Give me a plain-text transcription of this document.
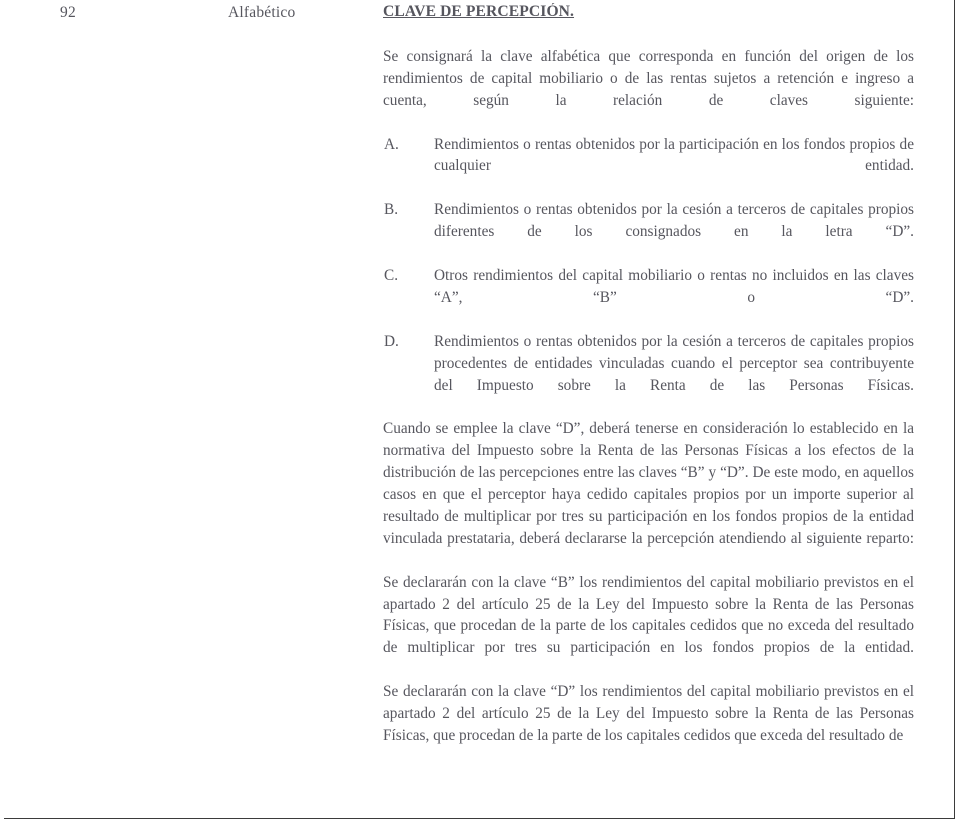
92	Alfabético	CLAVE DE PERCEPCIÓN.
Se consignará la clave alfabética que corresponda en función del origen de los rendimientos de capital mobiliario o de las rentas sujetos a retención e ingreso a cuenta, según la relación de claves siguiente:
A.	Rendimientos o rentas obtenidos por la participación en los fondos propios de cualquier entidad.
B.	Rendimientos o rentas obtenidos por la cesión a terceros de capitales propios diferentes de los consignados en la letra “D”.
C.	Otros rendimientos del capital mobiliario o rentas no incluidos en las claves “A”, “B” o “D”.
D.	Rendimientos o rentas obtenidos por la cesión a terceros de capitales propios procedentes de entidades vinculadas cuando el perceptor sea contribuyente del Impuesto sobre la Renta de las Personas Físicas.
Cuando se emplee la clave “D”, deberá tenerse en consideración lo establecido en la normativa del Impuesto sobre la Renta de las Personas Físicas a los efectos de la distribución de las percepciones entre las claves “B” y “D”. De este modo, en aquellos casos en que el perceptor haya cedido capitales propios por un importe superior al resultado de multiplicar por tres su participación en los fondos propios de la entidad vinculada prestataria, deberá declararse la percepción atendiendo al siguiente reparto:
Se declararán con la clave “B” los rendimientos del capital mobiliario previstos en el apartado 2 del artículo 25 de la Ley del Impuesto sobre la Renta de las Personas Físicas, que procedan de la parte de los capitales cedidos que no exceda del resultado de multiplicar por tres su participación en los fondos propios de la entidad.
Se declararán con la clave “D” los rendimientos del capital mobiliario previstos en el apartado 2 del artículo 25 de la Ley del Impuesto sobre la Renta de las Personas Físicas, que procedan de la parte de los capitales cedidos que exceda del resultado de
